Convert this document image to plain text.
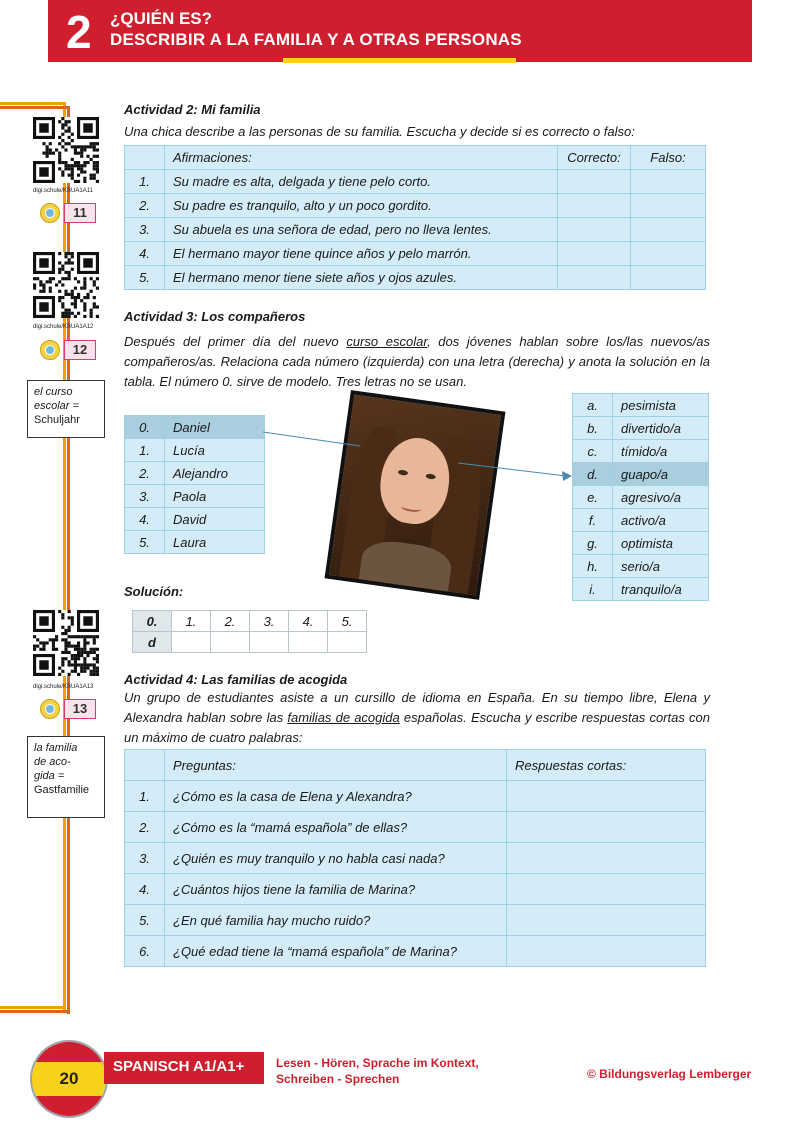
2 ¿QUIÉN ES?
DESCRIBIR A LA FAMILIA Y A OTRAS PERSONAS
digi.schule/KSUA1A11
11
digi.schule/KSUA1A12
12
digi.schule/KSUA1A13
13
el curso escolar =
Schuljahr
la familia
de aco-
gida =
Gastfamilie
Actividad 2: Mi familia
Una chica describe a las personas de su familia. Escucha y decide si es correcto o falso:
	Afirmaciones:	Correcto:	Falso:
1.	Su madre es alta, delgada y tiene pelo corto.		
2.	Su padre es tranquilo, alto y un poco gordito.		
3.	Su abuela es una señora de edad, pero no lleva lentes.		
4.	El hermano mayor tiene quince años y pelo marrón.		
5.	El hermano menor tiene siete años y ojos azules.		
Actividad 3: Los compañeros
Después del primer día del nuevo curso escolar, dos jóvenes hablan sobre los/las nuevos/as compañeros/as. Relaciona cada número (izquierda) con una letra (derecha) y anota la solución en la tabla. El número 0. sirve de modelo. Tres letras no se usan.
0.	Daniel
1.	Lucía
2.	Alejandro
3.	Paola
4.	David
5.	Laura
a.	pesimista
b.	divertido/a
c.	tímido/a
d.	guapo/a
e.	agresivo/a
f.	activo/a
g.	optimista
h.	serio/a
i.	tranquilo/a
Solución:
0.	1.	2.	3.	4.	5.
d					
Actividad 4: Las familias de acogida
Un grupo de estudiantes asiste a un cursillo de idioma en España. En su tiempo libre, Elena y Alexandra hablan sobre las familias de acogida españolas. Escucha y escribe respuestas cortas con un máximo de cuatro palabras:
	Preguntas:	Respuestas cortas:
1.	¿Cómo es la casa de Elena y Alexandra?	
2.	¿Cómo es la “mamá española” de ellas?	
3.	¿Quién es muy tranquilo y no habla casi nada?	
4.	¿Cuántos hijos tiene la familia de Marina?	
5.	¿En qué familia hay mucho ruido?	
6.	¿Qué edad tiene la “mamá española” de Marina?	
20
SPANISCH A1/A1+	Lesen - Hören, Sprache im Kontext,
Schreiben - Sprechen	© Bildungsverlag Lemberger
